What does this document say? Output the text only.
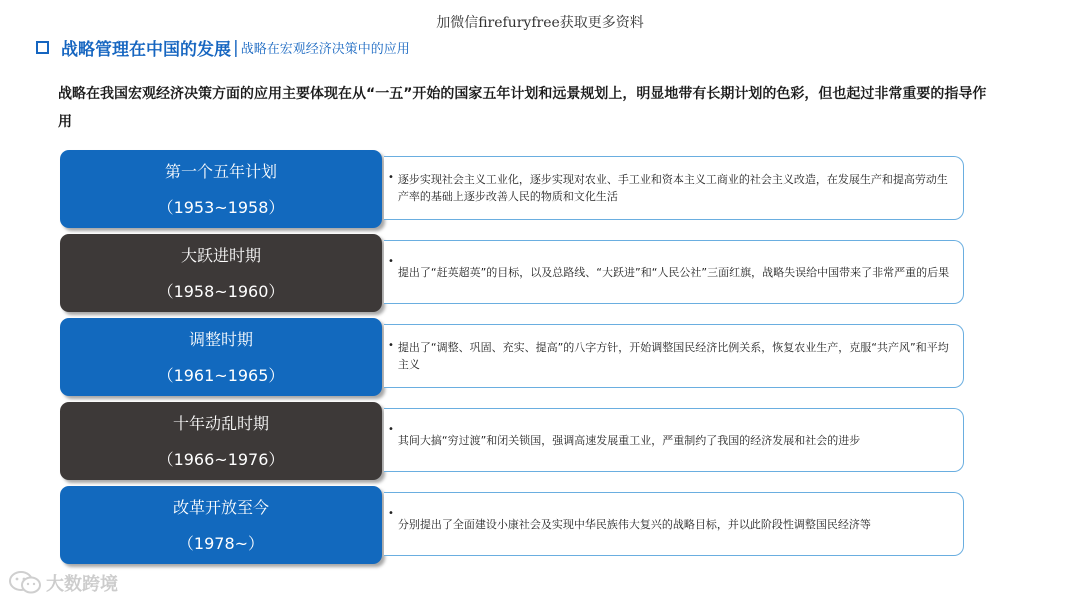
加微信firefuryfree获取更多资料
战略管理在中国的发展 | 战略在宏观经济决策中的应用
战略在我国宏观经济决策方面的应用主要体现在从“一五”开始的国家五年计划和远景规划上，明显地带有长期计划的色彩，但也起过非常重要的指导作用
第一个五年计划
（1953~1958）
• 逐步实现社会主义工业化，逐步实现对农业、手工业和资本主义工商业的社会主义改造，在发展生产和提高劳动生产率的基础上逐步改善人民的物质和文化生活
大跃进时期
（1958~1960）
•
提出了“赶英超英”的目标，以及总路线、“大跃进”和“人民公社”三面红旗，战略失误给中国带来了非常严重的后果
调整时期
（1961~1965）
• 提出了“调整、巩固、充实、提高”的八字方针，开始调整国民经济比例关系，恢复农业生产，克服“共产风”和平均主义
十年动乱时期
（1966~1976）
•
其间大搞“穷过渡”和闭关锁国，强调高速发展重工业，严重制约了我国的经济发展和社会的进步
改革开放至今
（1978~）
•
分别提出了全面建设小康社会及实现中华民族伟大复兴的战略目标，并以此阶段性调整国民经济等
大数跨境
